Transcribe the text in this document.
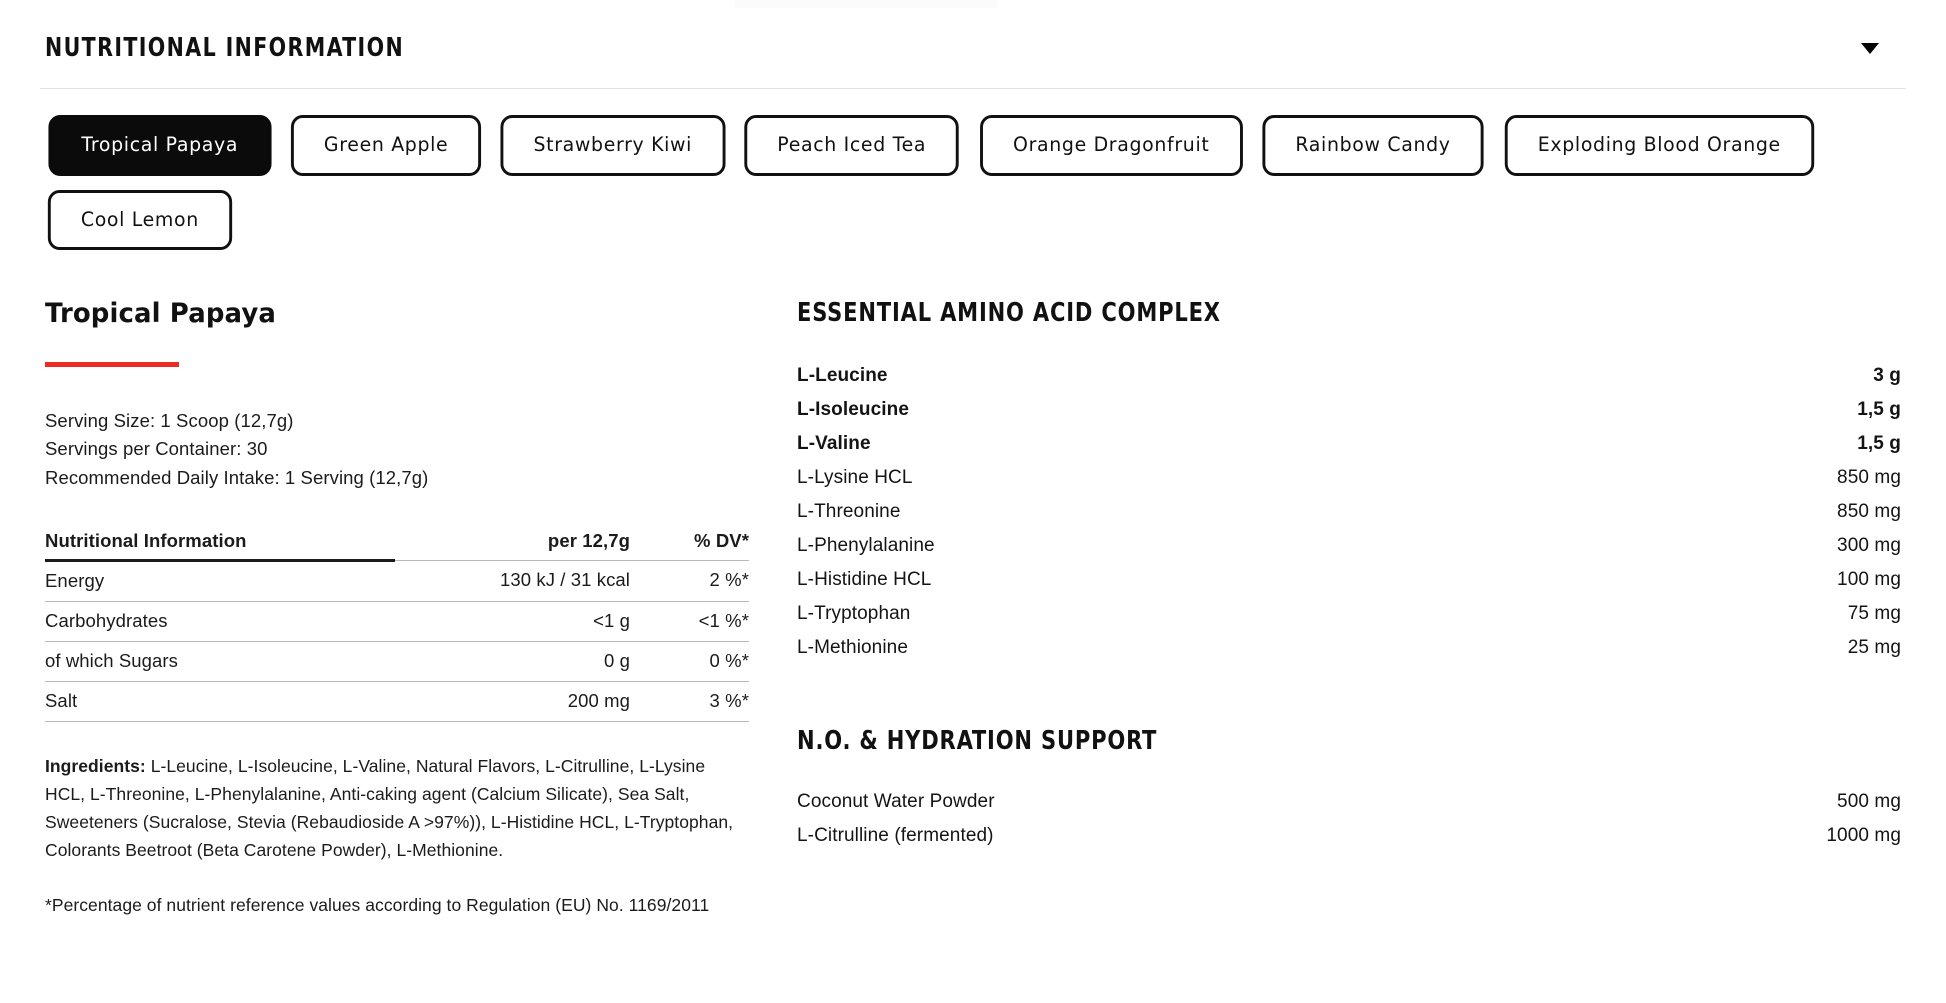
NUTRITIONAL INFORMATION
Tropical Papaya	Green Apple	Strawberry Kiwi	Peach Iced Tea	Orange Dragonfruit	Rainbow Candy	Exploding Blood Orange
Cool Lemon
Tropical Papaya
Serving Size: 1 Scoop (12,7g)
Servings per Container: 30
Recommended Daily Intake: 1 Serving (12,7g)
Nutritional Information	per 12,7g	% DV*
Energy	130 kJ / 31 kcal	2 %*
Carbohydrates	<1 g	<1 %*
of which Sugars	0 g	0 %*
Salt	200 mg	3 %*

Ingredients: L-Leucine, L-Isoleucine, L-Valine, Natural Flavors, L-Citrulline, L-Lysine HCL, L-Threonine, L-Phenylalanine, Anti-caking agent (Calcium Silicate), Sea Salt, Sweeteners (Sucralose, Stevia (Rebaudioside A >97%)), L-Histidine HCL, L-Tryptophan, Colorants Beetroot (Beta Carotene Powder), L-Methionine.

*Percentage of nutrient reference values according to Regulation (EU) No. 1169/2011

ESSENTIAL AMINO ACID COMPLEX
L-Leucine	3 g
L-Isoleucine	1,5 g
L-Valine	1,5 g
L-Lysine HCL	850 mg
L-Threonine	850 mg
L-Phenylalanine	300 mg
L-Histidine HCL	100 mg
L-Tryptophan	75 mg
L-Methionine	25 mg
N.O. & HYDRATION SUPPORT
Coconut Water Powder	500 mg
L-Citrulline (fermented)	1000 mg
